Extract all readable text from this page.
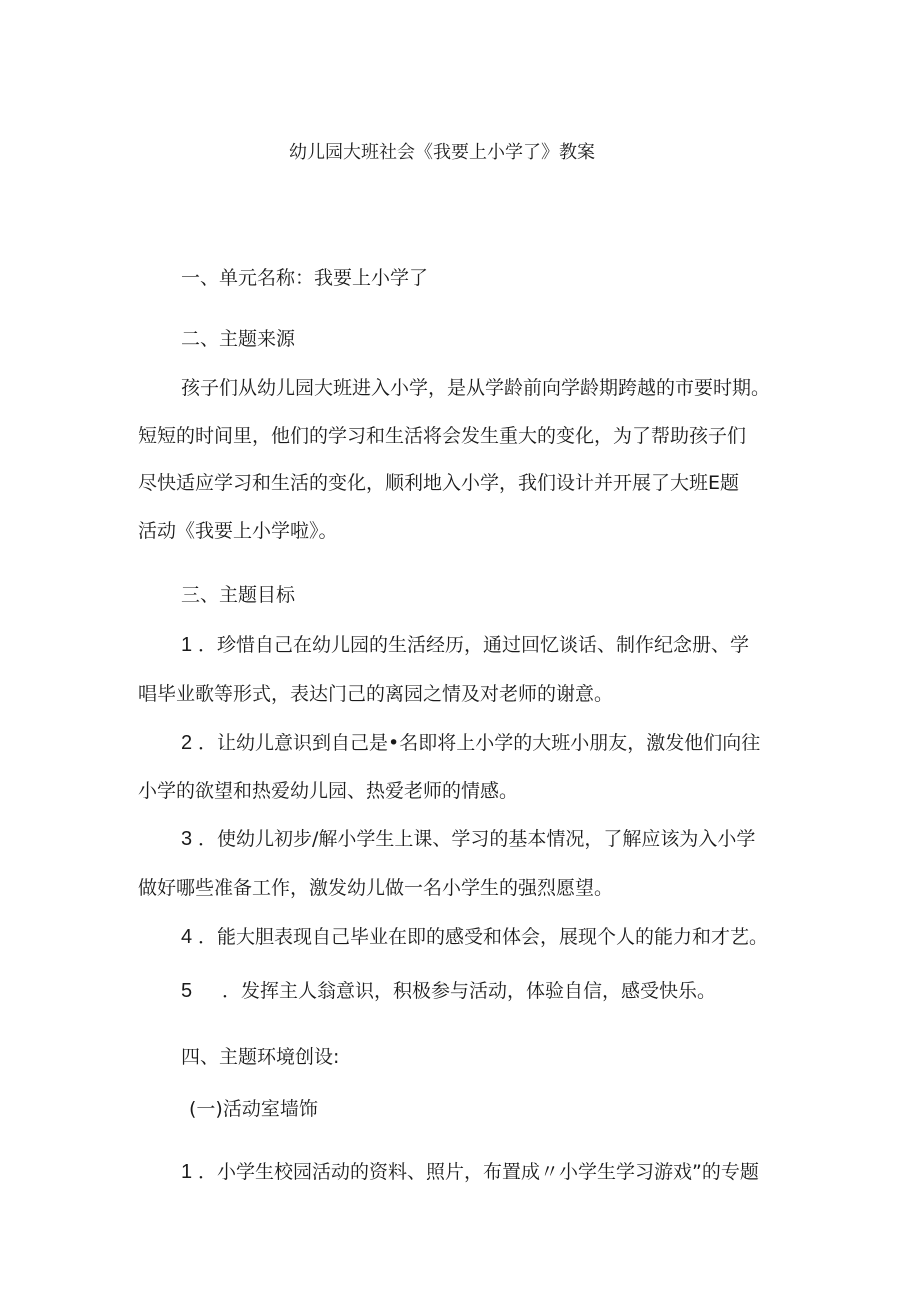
幼儿园大班社会《我要上小学了》教案
一、单元名称：我要上小学了
二、主题来源
孩子们从幼儿园大班进入小学，是从学龄前向学龄期跨越的市要时期。
短短的时间里，他们的学习和生活将会发生重大的变化，为了帮助孩子们
尽快适应学习和生活的变化，顺利地入小学，我们设计并开展了大班E题
活动《我要上小学啦》。
三、主题目标
1 ．珍惜自己在幼儿园的生活经历，通过回忆谈话、制作纪念册、学
唱毕业歌等形式，表达门己的离园之情及对老师的谢意。
2 ．让幼儿意识到自己是•名即将上小学的大班小朋友，激发他们向往
小学的欲望和热爱幼儿园、热爱老师的情感。
3 ．使幼儿初步/解小学生上课、学习的基本情况，了解应该为入小学
做好哪些准备工作，激发幼儿做一名小学生的强烈愿望。
4 ．能大胆表现自己毕业在即的感受和体会，展现个人的能力和才艺。
5 ．发挥主人翁意识，积极参与活动，体验自信，感受快乐。
四、主题环境创设:
(一)活动室墙饰
1 ．小学生校园活动的资料、照片，布置成〃小学生学习游戏”的专题
